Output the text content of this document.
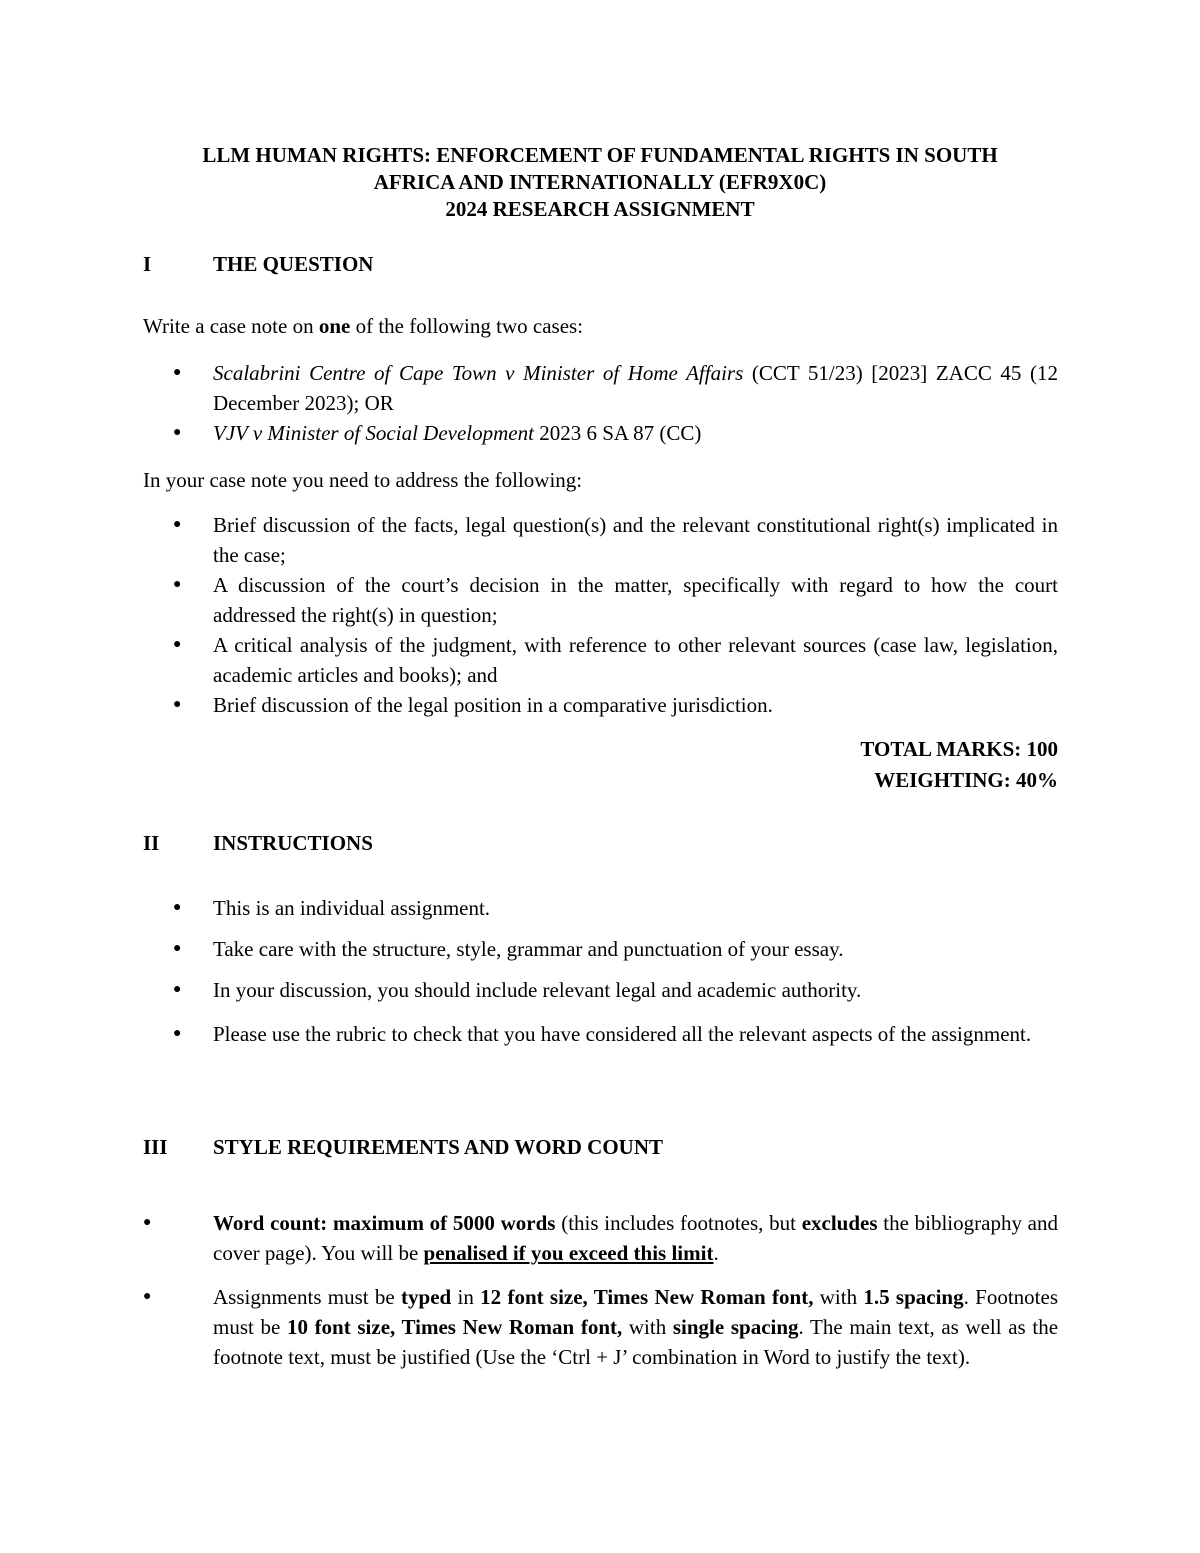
LLM HUMAN RIGHTS: ENFORCEMENT OF FUNDAMENTAL RIGHTS IN SOUTH
AFRICA AND INTERNATIONALLY (EFR9X0C)
2024 RESEARCH ASSIGNMENT
I	THE QUESTION
Write a case note on one of the following two cases:
● Scalabrini Centre of Cape Town v Minister of Home Affairs (CCT 51/23) [2023] ZACC 45 (12 December 2023); OR
● VJV v Minister of Social Development 2023 6 SA 87 (CC)
In your case note you need to address the following:
● Brief discussion of the facts, legal question(s) and the relevant constitutional right(s) implicated in the case;
● A discussion of the court’s decision in the matter, specifically with regard to how the court addressed the right(s) in question;
● A critical analysis of the judgment, with reference to other relevant sources (case law, legislation, academic articles and books); and
● Brief discussion of the legal position in a comparative jurisdiction.
TOTAL MARKS: 100
WEIGHTING: 40%
II	INSTRUCTIONS
● This is an individual assignment.
● Take care with the structure, style, grammar and punctuation of your essay.
● In your discussion, you should include relevant legal and academic authority.
● Please use the rubric to check that you have considered all the relevant aspects of the assignment.
III STYLE REQUIREMENTS AND WORD COUNT
●	Word count: maximum of 5000 words (this includes footnotes, but excludes the bibliography and cover page). You will be penalised if you exceed this limit.
●	Assignments must be typed in 12 font size, Times New Roman font, with 1.5 spacing. Footnotes must be 10 font size, Times New Roman font, with single spacing. The main text, as well as the footnote text, must be justified (Use the ‘Ctrl + J’ combination in Word to justify the text).
